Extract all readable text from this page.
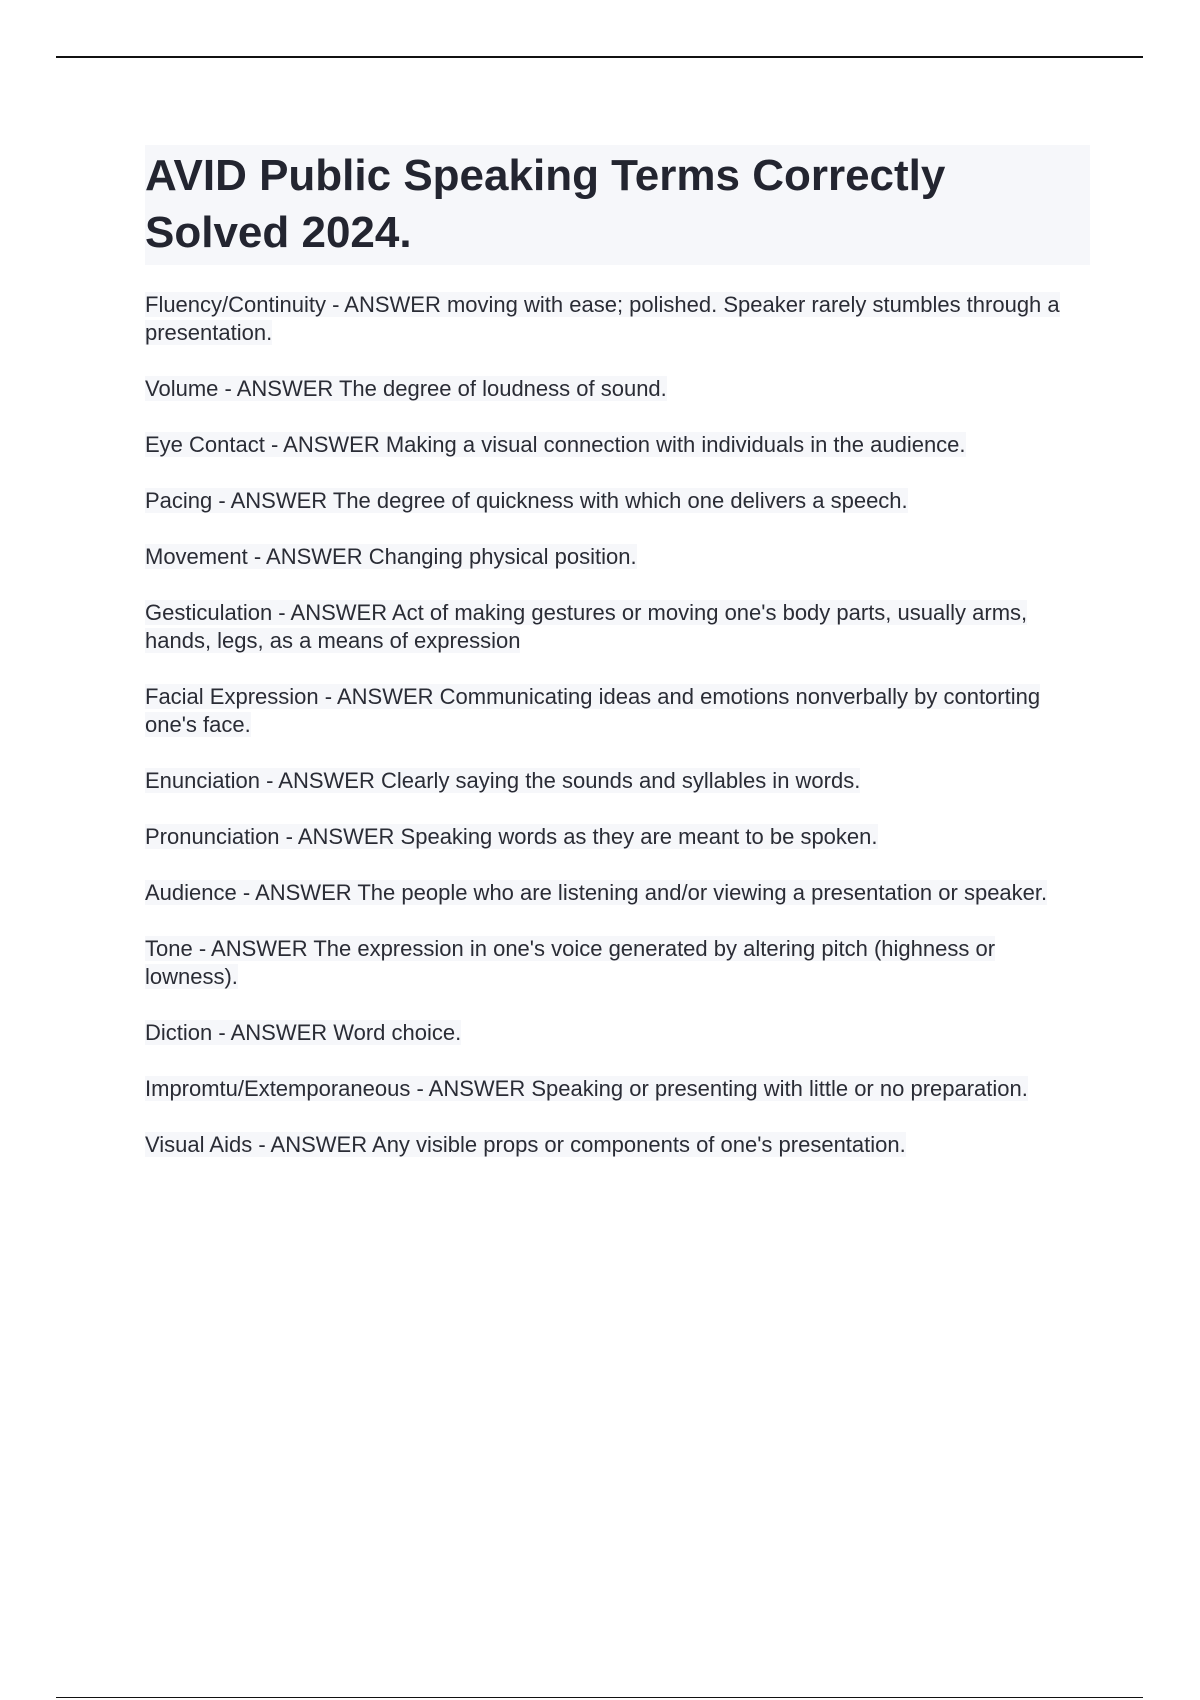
AVID Public Speaking Terms Correctly Solved 2024.
Fluency/Continuity - ANSWER moving with ease; polished. Speaker rarely stumbles through a presentation.
Volume - ANSWER The degree of loudness of sound.
Eye Contact - ANSWER Making a visual connection with individuals in the audience.
Pacing - ANSWER The degree of quickness with which one delivers a speech.
Movement - ANSWER Changing physical position.
Gesticulation - ANSWER Act of making gestures or moving one's body parts, usually arms, hands, legs, as a means of expression
Facial Expression - ANSWER Communicating ideas and emotions nonverbally by contorting one's face.
Enunciation - ANSWER Clearly saying the sounds and syllables in words.
Pronunciation - ANSWER Speaking words as they are meant to be spoken.
Audience - ANSWER The people who are listening and/or viewing a presentation or speaker.
Tone - ANSWER The expression in one's voice generated by altering pitch (highness or lowness).
Diction - ANSWER Word choice.
Impromtu/Extemporaneous - ANSWER Speaking or presenting with little or no preparation.
Visual Aids - ANSWER Any visible props or components of one's presentation.
